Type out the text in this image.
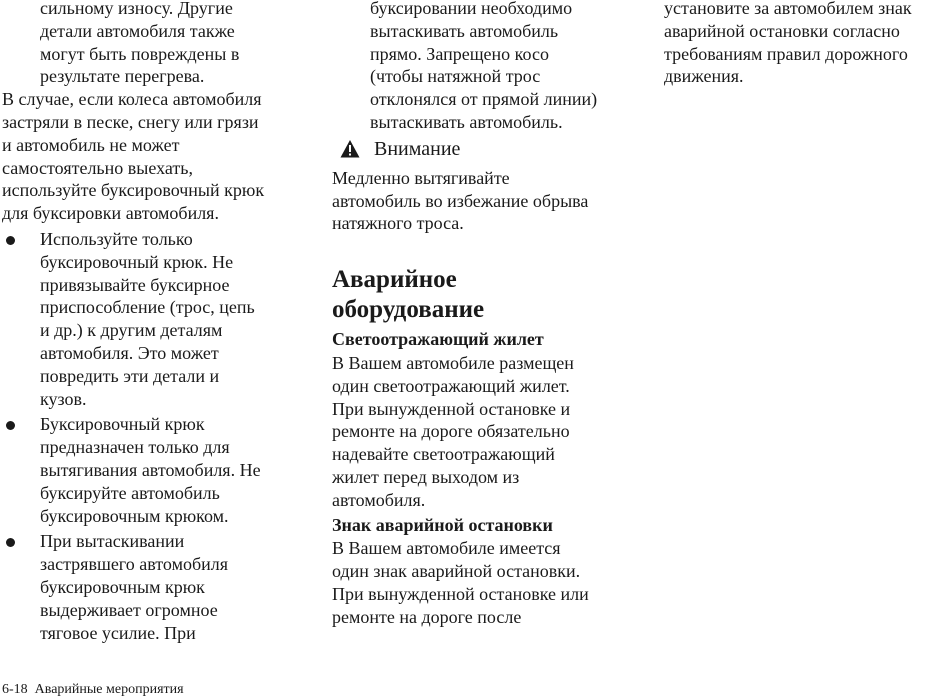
сильному износу. Другие
детали автомобиля также
могут быть повреждены в
результате перегрева.
В случае, если колеса автомобиля
застряли в песке, снегу или грязи
и автомобиль не может
самостоятельно выехать,
используйте буксировочный крюк
для буксировки автомобиля.
Используйте только
буксировочный крюк. Не
привязывайте буксирное
приспособление (трос, цепь
и др.) к другим деталям
автомобиля. Это может
повредить эти детали и
кузов.
Буксировочный крюк
предназначен только для
вытягивания автомобиля. Не
буксируйте автомобиль
буксировочным крюком.
При вытаскивании
застрявшего автомобиля
буксировочным крюк
выдерживает огромное
тяговое усилие. При
буксировании необходимо
вытаскивать автомобиль
прямо. Запрещено косо
(чтобы натяжной трос
отклонялся от прямой линии)
вытаскивать автомобиль.
Внимание
Медленно вытягивайте
автомобиль во избежание обрыва
натяжного троса.
Аварийное
оборудование
Светоотражающий жилет
В Вашем автомобиле размещен
один светоотражающий жилет.
При вынужденной остановке и
ремонте на дороге обязательно
надевайте светоотражающий
жилет перед выходом из
автомобиля.
Знак аварийной остановки
В Вашем автомобиле имеется
один знак аварийной остановки.
При вынужденной остановке или
ремонте на дороге после
установите за автомобилем знак
аварийной остановки согласно
требованиям правил дорожного
движения.
6-18 Аварийные мероприятия
